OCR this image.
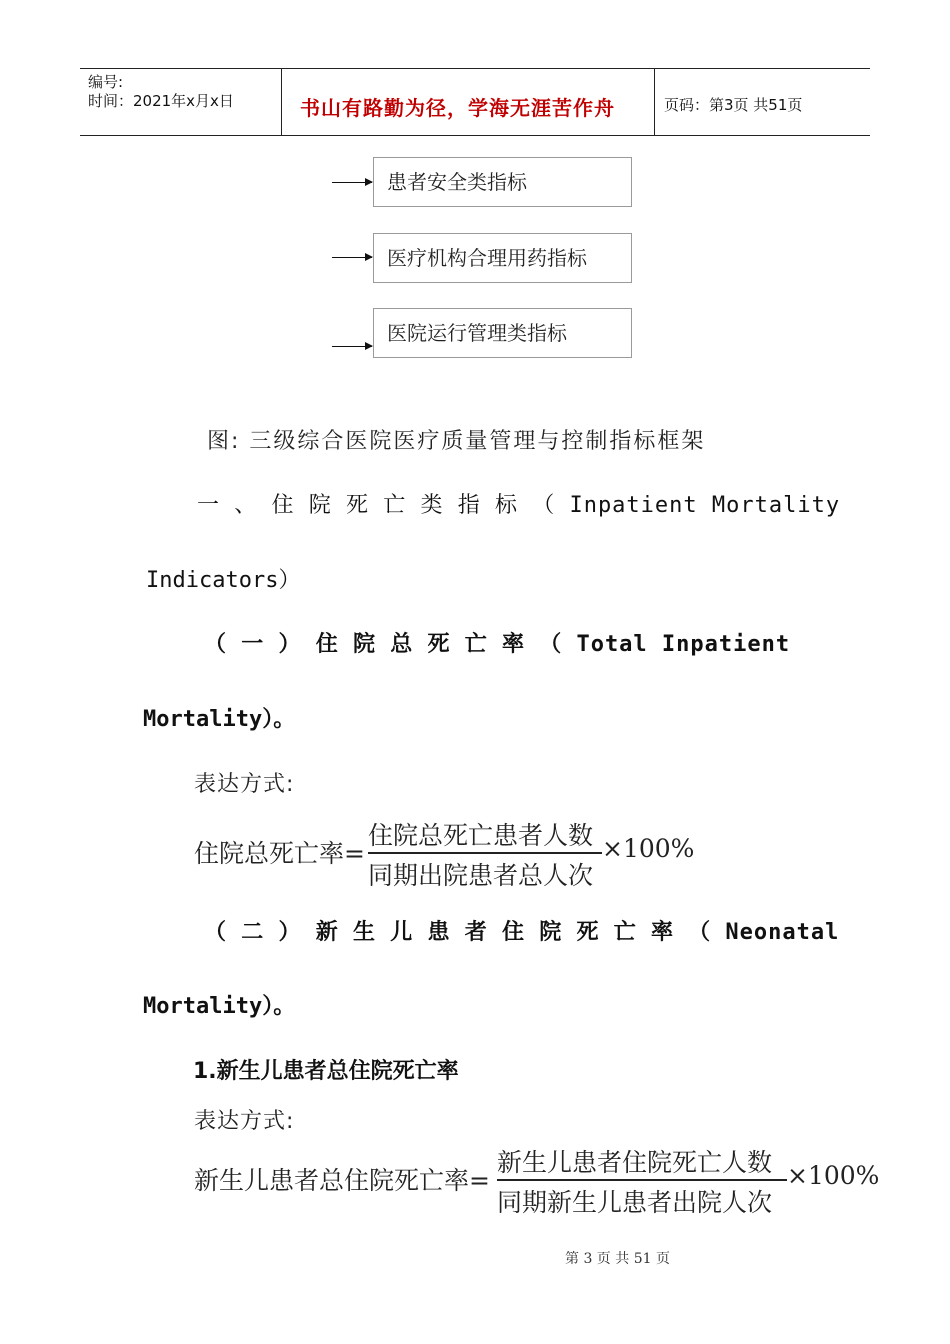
编号:
时间：2021年x月x日	书山有路勤为径，学海无涯苦作舟	页码：第3页 共51页
患者安全类指标
医疗机构合理用药指标
医院运行管理类指标
图: 三级综合医院医疗质量管理与控制指标框架
一 、 住 院 死 亡 类 指 标 （ Inpatient Mortality
Indicators）
（ 一 ） 住 院 总 死 亡 率 （ Total Inpatient
Mortality）。
表达方式:
住院总死亡率=
住院总死亡患者人数
同期出院患者总人次
×100%
（ 二 ） 新 生 儿 患 者 住 院 死 亡 率 （ Neonatal
Mortality）。
1.新生儿患者总住院死亡率
表达方式:
新生儿患者总住院死亡率=
新生儿患者住院死亡人数
同期新生儿患者出院人次
×100%
第 3 页 共 51 页
